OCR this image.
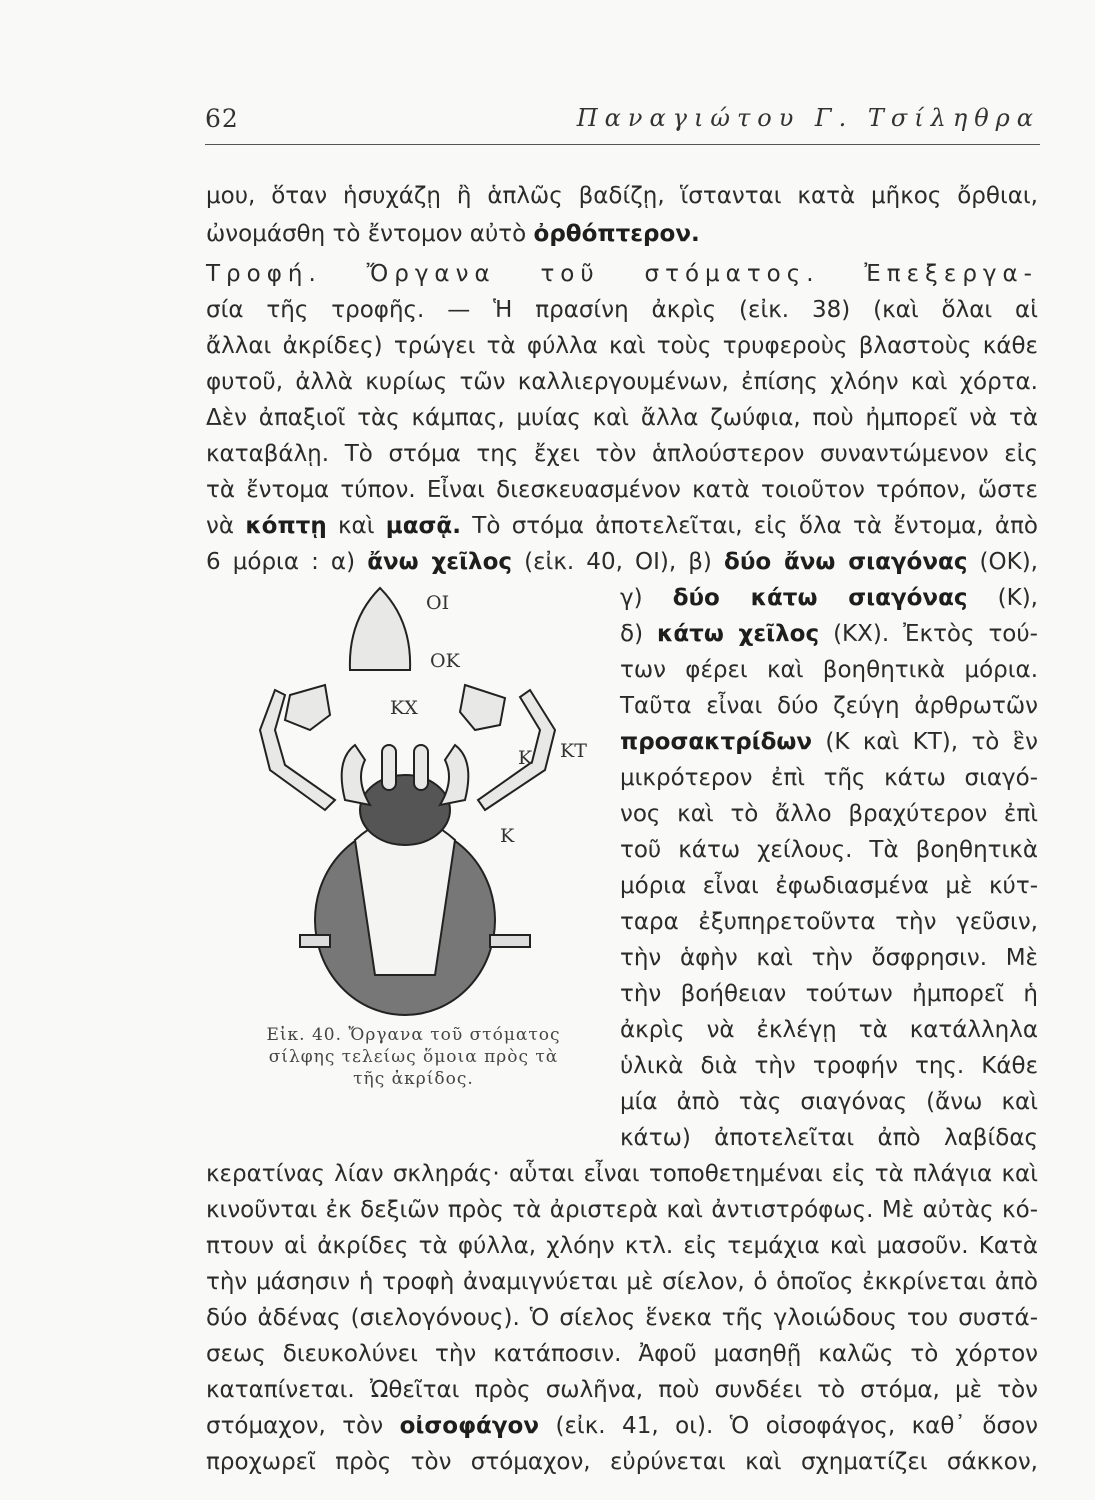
62	Παναγιώτου Γ. Τσίληθρα
μου, ὅταν ἡσυχάζῃ ἢ ἁπλῶς βαδίζῃ, ἵστανται κατὰ μῆκος ὄρθιαι,
ὠνομάσθη τὸ ἔντομον αὐτὸ ὀρθόπτερον.
Τροφή. Ὄργανα τοῦ στόματος. Ἐπεξεργα-
σία τῆς τροφῆς. — Ἡ πρασίνη ἀκρὶς (εἰκ. 38) (καὶ ὅλαι αἱ
ἄλλαι ἀκρίδες) τρώγει τὰ φύλλα καὶ τοὺς τρυφεροὺς βλαστοὺς κάθε
φυτοῦ, ἀλλὰ κυρίως τῶν καλλιεργουμένων, ἐπίσης χλόην καὶ χόρτα.
Δὲν ἀπαξιοῖ τὰς κάμπας, μυίας καὶ ἄλλα ζωύφια, ποὺ ἠμπορεῖ νὰ τὰ
καταβάλῃ. Τὸ στόμα της ἔχει τὸν ἁπλούστερον συναντώμενον εἰς
τὰ ἔντομα τύπον. Εἶναι διεσκευασμένον κατὰ τοιοῦτον τρόπον, ὥστε
νὰ κόπτῃ καὶ μασᾷ. Τὸ στόμα ἀποτελεῖται, εἰς ὅλα τὰ ἔντομα, ἀπὸ
6 μόρια : α) ἄνω χεῖλος (εἰκ. 40, ΟΙ), β) δύο ἄνω σιαγόνας (ΟΚ),
γ) δύο κάτω σιαγόνας (Κ),
δ) κάτω χεῖλος (ΚΧ). Ἐκτὸς τού-
των φέρει καὶ βοηθητικὰ μόρια.
Ταῦτα εἶναι δύο ζεύγη ἀρθρωτῶν
προσακτρίδων (Κ καὶ ΚΤ), τὸ ἓν
μικρότερον ἐπὶ τῆς κάτω σιαγό-
νος καὶ τὸ ἄλλο βραχύτερον ἐπὶ
τοῦ κάτω χείλους. Τὰ βοηθητικὰ
μόρια εἶναι ἐφωδιασμένα μὲ κύτ-
ταρα ἐξυπηρετοῦντα τὴν γεῦσιν,
τὴν ἁφὴν καὶ τὴν ὄσφρησιν. Μὲ
τὴν βοήθειαν τούτων ἠμπορεῖ ἡ
ἀκρὶς νὰ ἐκλέγῃ τὰ κατάλληλα
ὑλικὰ διὰ τὴν τροφήν της. Κάθε
μία ἀπὸ τὰς σιαγόνας (ἄνω καὶ
κάτω) ἀποτελεῖται ἀπὸ λαβίδας
κερατίνας λίαν σκληράς· αὗται εἶναι τοποθετημέναι εἰς τὰ πλάγια καὶ
κινοῦνται ἐκ δεξιῶν πρὸς τὰ ἀριστερὰ καὶ ἀντιστρόφως. Μὲ αὐτὰς κό-
πτουν αἱ ἀκρίδες τὰ φύλλα, χλόην κτλ. εἰς τεμάχια καὶ μασοῦν. Κατὰ
τὴν μάσησιν ἡ τροφὴ ἀναμιγνύεται μὲ σίελον, ὁ ὁποῖος ἐκκρίνεται ἀπὸ
δύο ἀδένας (σιελογόνους). Ὁ σίελος ἕνεκα τῆς γλοιώδους του συστά-
σεως διευκολύνει τὴν κατάποσιν. Ἀφοῦ μασηθῇ καλῶς τὸ χόρτον
καταπίνεται. Ὠθεῖται πρὸς σωλῆνα, ποὺ συνδέει τὸ στόμα, μὲ τὸν
στόμαχον, τὸν οἰσοφάγον (εἰκ. 41, οι). Ὁ οἰσοφάγος, καθ᾽ ὅσον
προχωρεῖ πρὸς τὸν στόμαχον, εὐρύνεται καὶ σχηματίζει σάκκον,
ΟΙ
ΟΚ
ΚΧ
Κ ΚΤ
Κ
Εἰκ. 40. Ὄργανα τοῦ στόματος
σίλφης τελείως ὅμοια πρὸς τὰ
τῆς ἀκρίδος.
